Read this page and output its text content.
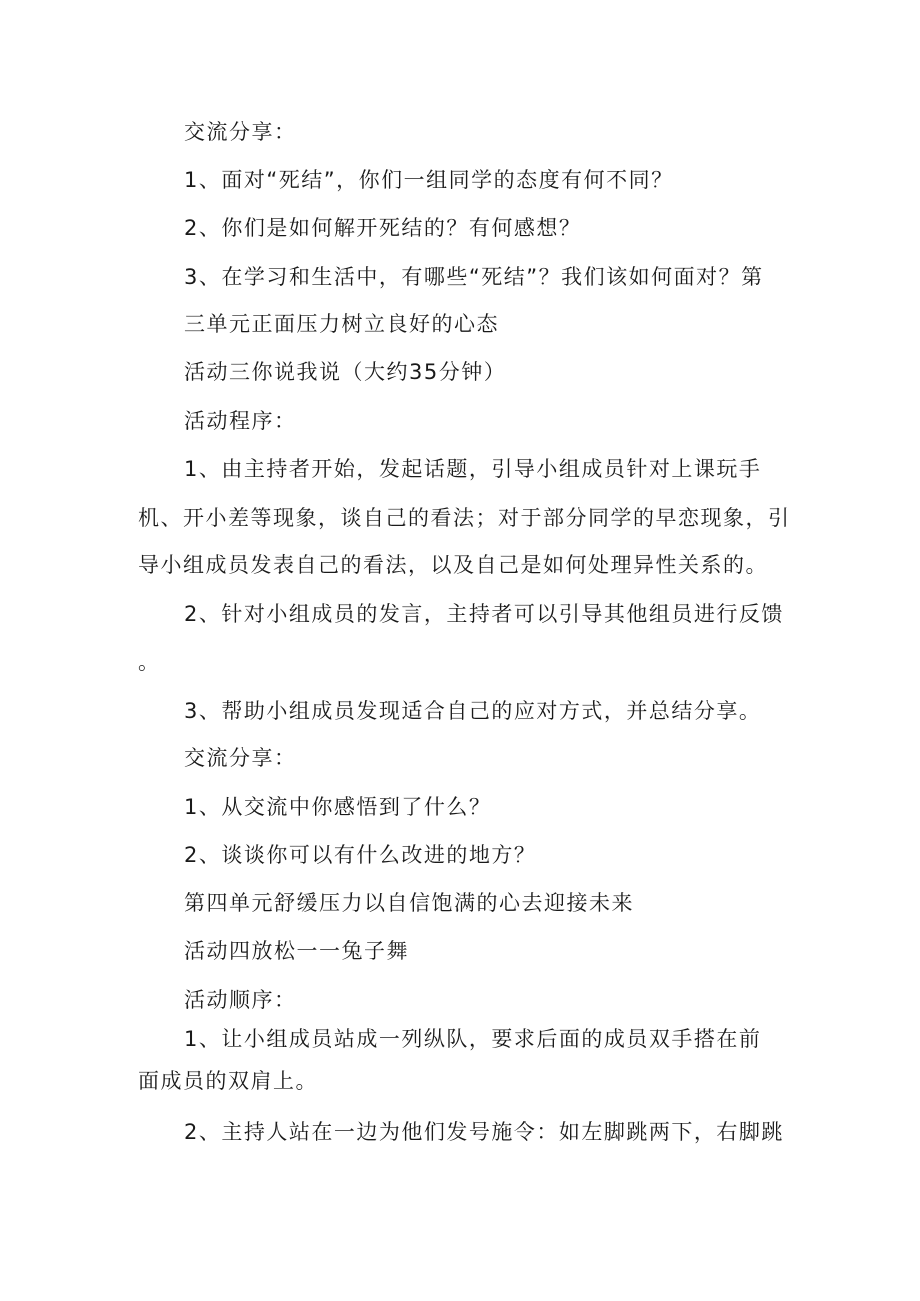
交流分享：
1、面对“死结”，你们一组同学的态度有何不同？
2、你们是如何解开死结的？有何感想？
3、在学习和生活中，有哪些“死结”？我们该如何面对？第
三单元正面压力树立良好的心态
活动三你说我说（大约35分钟）
活动程序：
1、由主持者开始，发起话题，引导小组成员针对上课玩手
机、开小差等现象，谈自己的看法；对于部分同学的早恋现象，引
导小组成员发表自己的看法，以及自己是如何处理异性关系的。
2、针对小组成员的发言，主持者可以引导其他组员进行反馈
。
3、帮助小组成员发现适合自己的应对方式，并总结分享。
交流分享：
1、从交流中你感悟到了什么？
2、谈谈你可以有什么改进的地方？
第四单元舒缓压力以自信饱满的心去迎接未来
活动四放松一一兔子舞
活动顺序：
1、让小组成员站成一列纵队，要求后面的成员双手搭在前
面成员的双肩上。
2、主持人站在一边为他们发号施令：如左脚跳两下，右脚跳
